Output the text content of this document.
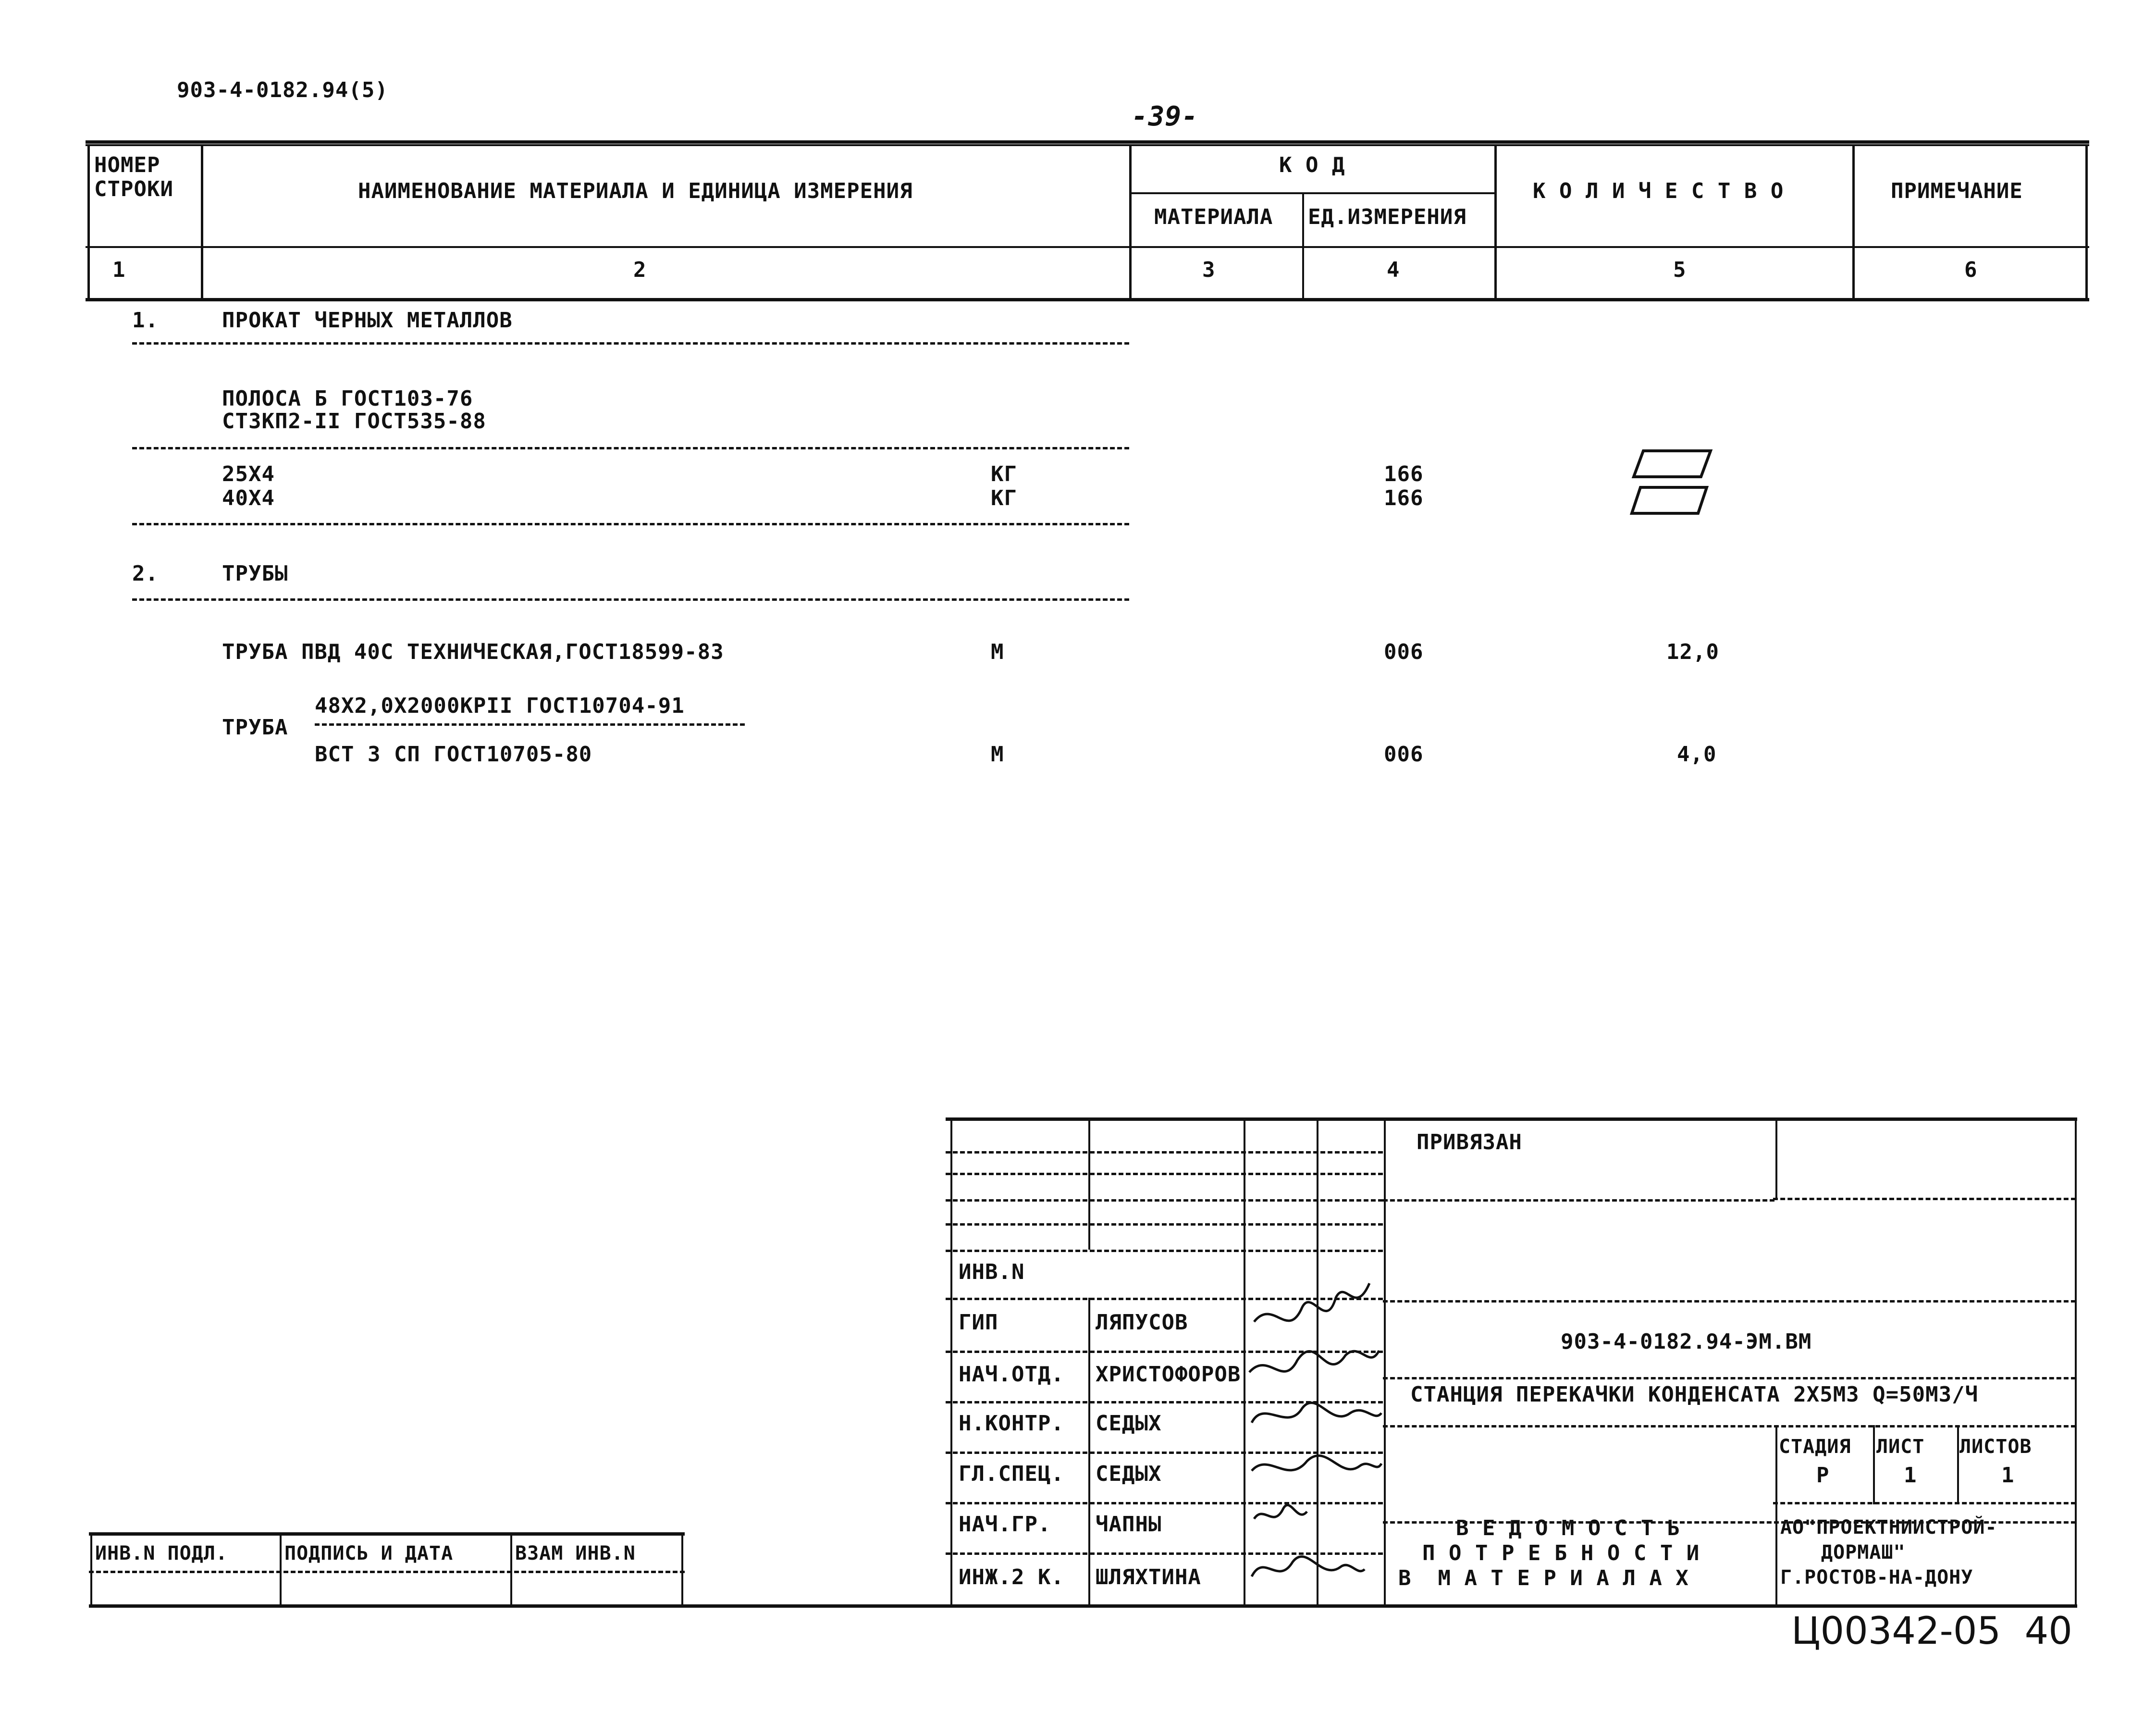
903-4-0182.94(5)
-39-
НОМЕР
СТРОКИ	НАИМЕНОВАНИЕ МАТЕРИАЛА И ЕДИНИЦА ИЗМЕРЕНИЯ
К О Д
МАТЕРИАЛА ЕД.ИЗМЕРЕНИЯ
К О Л И Ч Е С Т В О	ПРИМЕЧАНИЕ
1	2	3	4	5	6
1.	ПРОКАТ ЧЕРНЫХ МЕТАЛЛОВ
ПОЛОСА Б ГОСТ103-76
СТ3КП2-II ГОСТ535-88
25X4	КГ	166
40X4	КГ	166
2.	ТРУБЫ
ТРУБА ПВД 40С ТЕХНИЧЕСКАЯ,ГОСТ18599-83	М	006	12,0
ТРУБА
48X2,0X2000КРII ГОСТ10704-91
ВСТ 3 СП ГОСТ10705-80	М	006	4,0
ПРИВЯЗАН
ИНВ.N
ГИП	ЛЯПУСОВ
НАЧ.ОТД. ХРИСТОФОРОВ
Н.КОНТР. СЕДЫХ
ГЛ.СПЕЦ. СЕДЫХ
НАЧ.ГР. ЧАПНЫ
ИНЖ.2 К. ШЛЯХТИНА
903-4-0182.94-ЭМ.ВМ
СТАНЦИЯ ПЕРЕКАЧКИ КОНДЕНСАТА 2X5М3 Q=50М3/Ч
СТАДИЯ ЛИСТ ЛИСТОВ
Р	1	1
В Е Д О М О С Т Ь
П О Т Р Е Б Н О С Т И
В  М А Т Е Р И А Л А Х
АО"ПРОЕКТНИИСТРОЙ-
ДОРМАШ"
Г.РОСТОВ-НА-ДОНУ
ИНВ.N ПОДЛ.	ПОДПИСЬ И ДАТА	ВЗАМ ИНВ.N
Ц00342-05  40
